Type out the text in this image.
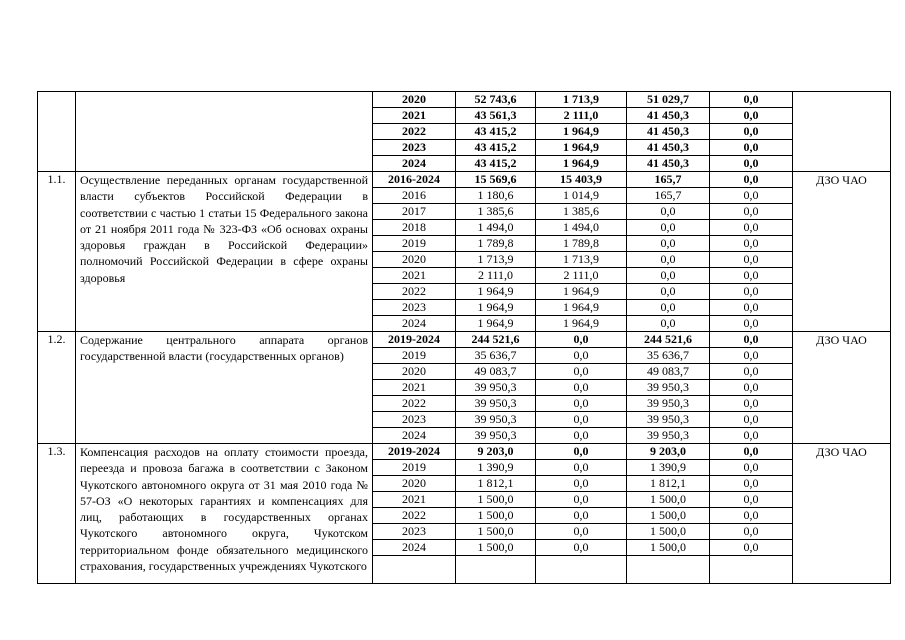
		2020	52 743,6	1 713,9	51 029,7	0,0	
		2021	43 561,3	2 111,0	41 450,3	0,0	
		2022	43 415,2	1 964,9	41 450,3	0,0	
		2023	43 415,2	1 964,9	41 450,3	0,0	
		2024	43 415,2	1 964,9	41 450,3	0,0	
1.1.	Осуществление переданных органам государственной власти субъектов Российской Федерации в соответствии с частью 1 статьи 15 Федерального закона от 21 ноября 2011 года № 323-ФЗ «Об основах охраны здоровья граждан в Российской Федерации» полномочий Российской Федерации в сфере охраны здоровья	2016-2024	15 569,6	15 403,9	165,7	0,0	ДЗО ЧАО
		2016	1 180,6	1 014,9	165,7	0,0	
		2017	1 385,6	1 385,6	0,0	0,0	
		2018	1 494,0	1 494,0	0,0	0,0	
		2019	1 789,8	1 789,8	0,0	0,0	
		2020	1 713,9	1 713,9	0,0	0,0	
		2021	2 111,0	2 111,0	0,0	0,0	
		2022	1 964,9	1 964,9	0,0	0,0	
		2023	1 964,9	1 964,9	0,0	0,0	
		2024	1 964,9	1 964,9	0,0	0,0	
1.2.	Содержание центрального аппарата органов государственной власти (государственных органов)	2019-2024	244 521,6	0,0	244 521,6	0,0	ДЗО ЧАО
		2019	35 636,7	0,0	35 636,7	0,0	
		2020	49 083,7	0,0	49 083,7	0,0	
		2021	39 950,3	0,0	39 950,3	0,0	
		2022	39 950,3	0,0	39 950,3	0,0	
		2023	39 950,3	0,0	39 950,3	0,0	
		2024	39 950,3	0,0	39 950,3	0,0	
1.3.	Компенсация расходов на оплату стоимости проезда, переезда и провоза багажа в соответствии с Законом Чукотского автономного округа от 31 мая 2010 года № 57-ОЗ «О некоторых гарантиях и компенсациях для лиц, работающих в государственных органах Чукотского автономного округа, Чукотском территориальном фонде обязательного медицинского страхования, государственных учреждениях Чукотского	2019-2024	9 203,0	0,0	9 203,0	0,0	ДЗО ЧАО
		2019	1 390,9	0,0	1 390,9	0,0	
		2020	1 812,1	0,0	1 812,1	0,0	
		2021	1 500,0	0,0	1 500,0	0,0	
		2022	1 500,0	0,0	1 500,0	0,0	
		2023	1 500,0	0,0	1 500,0	0,0	
		2024	1 500,0	0,0	1 500,0	0,0	
